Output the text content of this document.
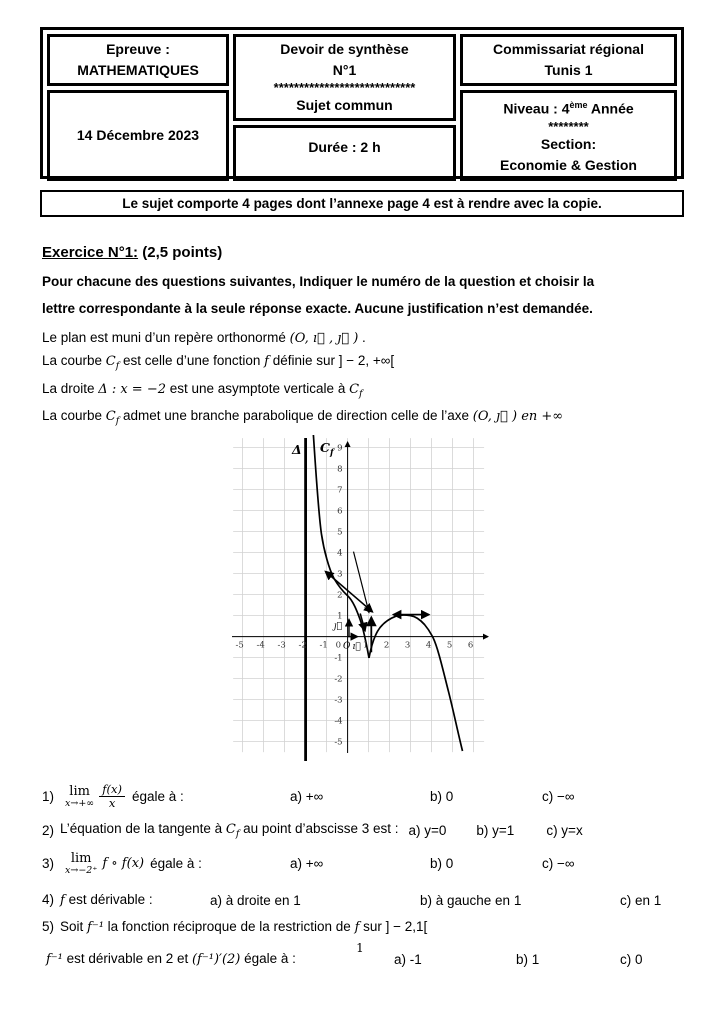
Epreuve :
MATHEMATIQUES
14 Décembre 2023
Devoir de synthèse
N°1
****************************
Sujet commun
Durée : 2 h
Commissariat régional
Tunis 1
Niveau : 4ème Année
********
Section:
Economie & Gestion
Le sujet comporte 4 pages dont l’annexe page 4 est à rendre avec la copie.
Exercice N°1: (2,5 points)
Pour chacune des questions suivantes, Indiquer le numéro de la question et choisir la
lettre correspondante à la seule réponse exacte. Aucune justification n’est demandée.
Le plan est muni d’un repère orthonormé (O, ı⃗ , ȷ⃗ ) .
La courbe $C_f$ est celle d’une fonction f définie sur ] − 2, +∞[
La droite Δ : x = −2 est une asymptote verticale à $C_f$
La courbe $C_f$ admet une branche parabolique de direction celle de l’axe (O, ȷ⃗ ) en +∞
Δ $C_f$
0 O ı⃗
ȷ⃗
-5 -4 -3 -2 -1	1 2 3 4 5 6
-5
-4
-3
-2
-1
1
2
3
4
5
6
7
8
9
1) lim
$x\to+\infty \frac{f(x)}{x}$ égale à :	a) +∞	b) 0	c) −∞
2) L’équation de la tangente à $C_f$ au point d’abscisse 3 est : a) y=0 b) y=1 c) y=x
3) lim
x→−2⁺ f ∘ f(x) égale à :	a) +∞	b) 0	c) −∞
4) f est dérivable :	a) à droite en 1	b) à gauche en 1	c) en 1
5) Soit f⁻¹ la fonction réciproque de la restriction de f sur ] − 2,1[
f⁻¹ est dérivable en 2 et (f⁻¹)′(2) égale à :	a) -1	b) 1	c) 0
1
